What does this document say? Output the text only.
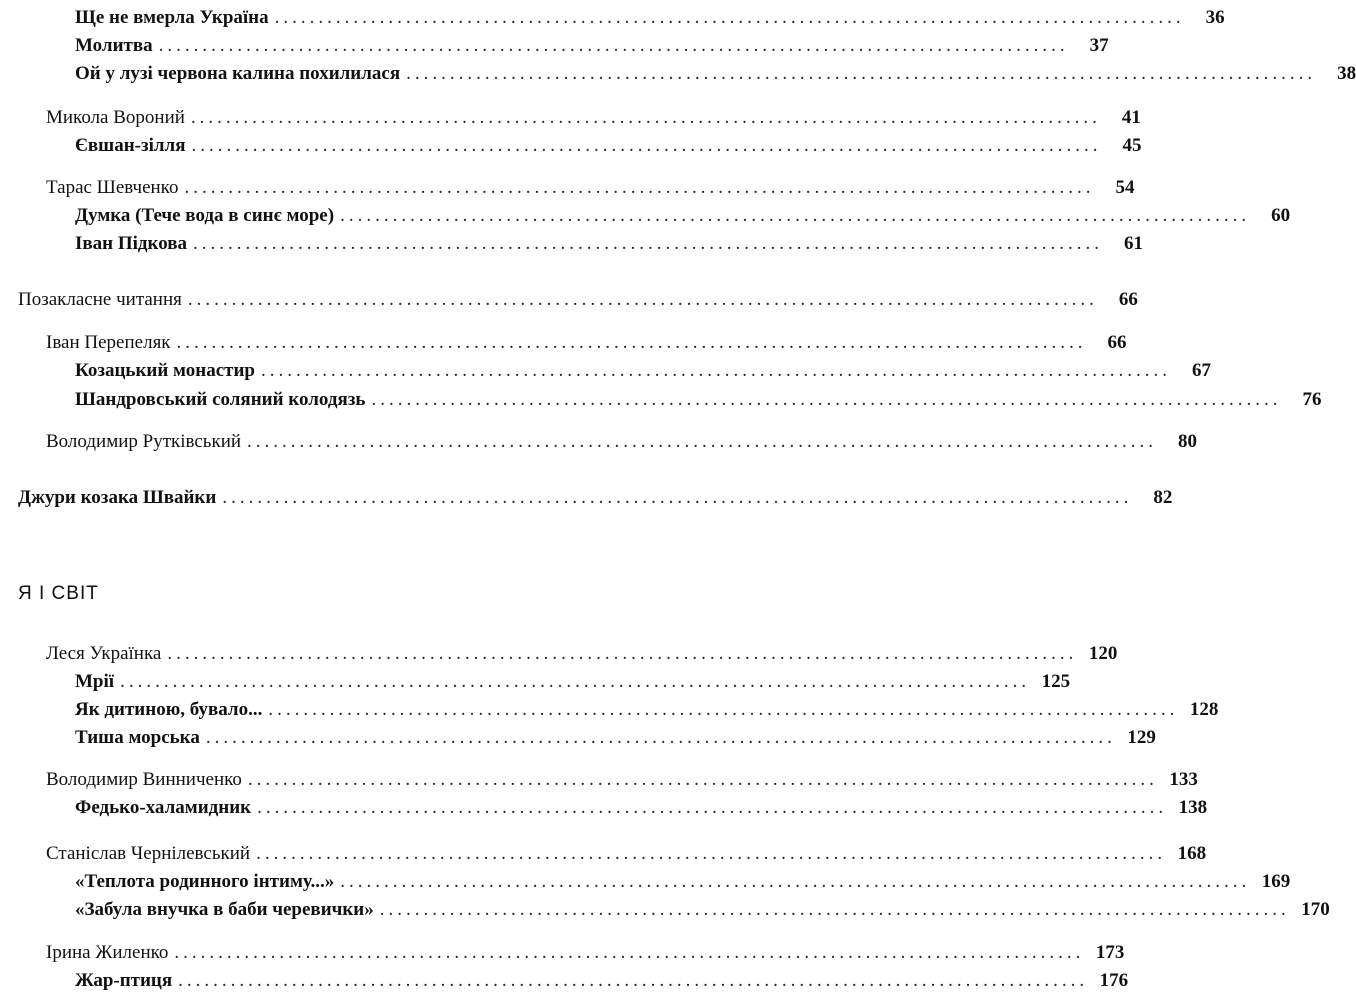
Ще не вмерла Україна ........................................................................................................	36
Молитва ........................................................................................................	37
Ой у лузі червона калина похилилася ........................................................................................................	38
Микола Вороний ........................................................................................................	41
Євшан-зілля ........................................................................................................	45
Тарас Шевченко ........................................................................................................	54
Думка (Тече вода в синє море) ........................................................................................................	60
Іван Підкова ........................................................................................................	61
Позакласне читання ........................................................................................................	66
Іван Перепеляк ........................................................................................................	66
Козацький монастир ........................................................................................................	67
Шандровський соляний колодязь ........................................................................................................	76
Володимир Рутківський ........................................................................................................	80
Джури козака Швайки ........................................................................................................	82
Я І СВІТ
Леся Українка ........................................................................................................ 120
Мрії ........................................................................................................ 125
Як дитиною, бувало... ........................................................................................................ 128
Тиша морська ........................................................................................................ 129
Володимир Винниченко ........................................................................................................ 133
Федько-халамидник ........................................................................................................ 138
Станіслав Чернілевський ........................................................................................................ 168
«Теплота родинного інтиму...» ........................................................................................................ 169
«Забула внучка в баби черевички» ........................................................................................................ 170
Ірина Жиленко ........................................................................................................ 173
Жар-птиця ........................................................................................................ 176
